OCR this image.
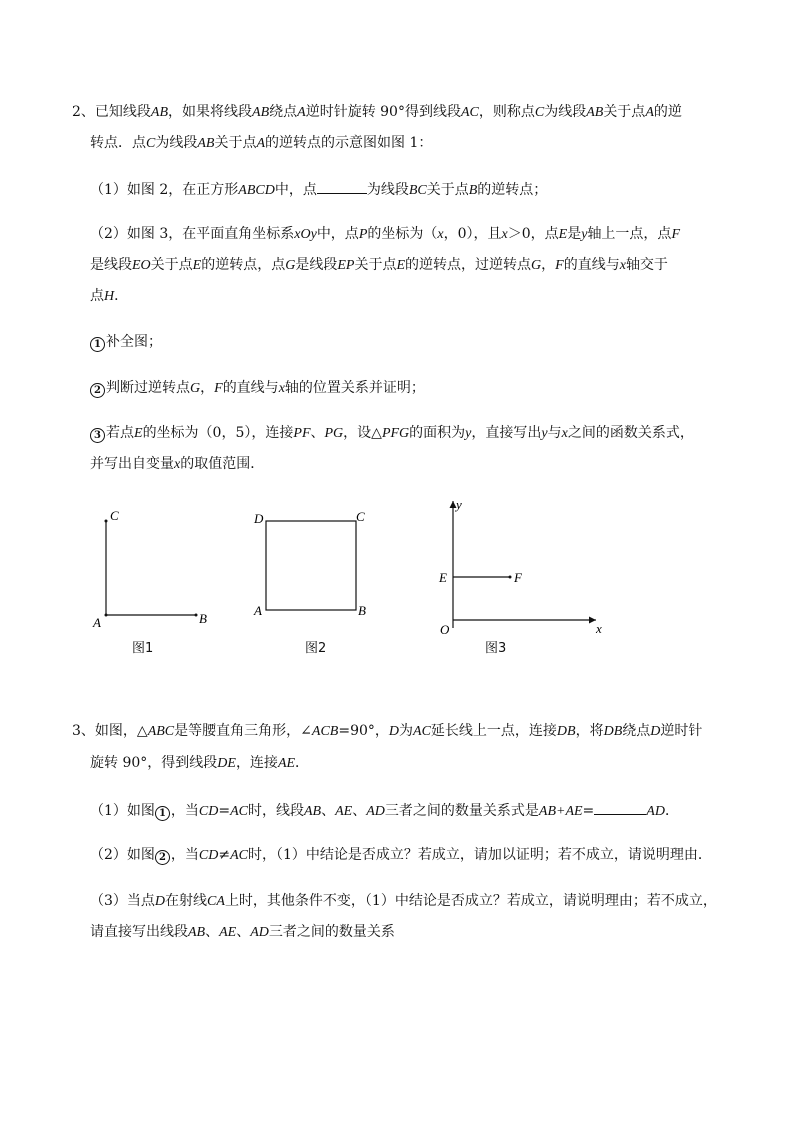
2、已知线段AB，如果将线段AB绕点A逆时针旋转 90°得到线段AC，则称点C为线段AB关于点A的逆
转点．点C为线段AB关于点A的逆转点的示意图如图 1：
（1）如图 2，在正方形ABCD中，点	为线段BC关于点B的逆转点；
（2）如图 3，在平面直角坐标系xOy中，点P的坐标为（x，0），且x＞0，点E是y轴上一点，点F
是线段EO关于点E的逆转点，点G是线段EP关于点E的逆转点，过逆转点G，F的直线与x轴交于
点H．
1 补全图；
2 判断过逆转点G，F的直线与x轴的位置关系并证明；
3 若点E的坐标为（0，5），连接PF、PG，设△PFG的面积为y，直接写出y与x之间的函数关系式，
并写出自变量x的取值范围．
C
A	B
图1
D	C
A	B
图2
y
E	F
O	x
图3
3、如图，△ABC是等腰直角三角形，∠ACB=90°，D为AC延长线上一点，连接DB，将DB绕点D逆时针
旋转 90°，得到线段DE，连接AE．
（1）如图 1 ，当CD=AC时，线段AB、AE、AD三者之间的数量关系式是AB+AE=	AD．
（2）如图 2 ，当CD≠AC时，（1）中结论是否成立？若成立，请加以证明；若不成立，请说明理由．
（3）当点D在射线CA上时，其他条件不变，（1）中结论是否成立？若成立，请说明理由；若不成立，
请直接写出线段AB、AE、AD三者之间的数量关系
